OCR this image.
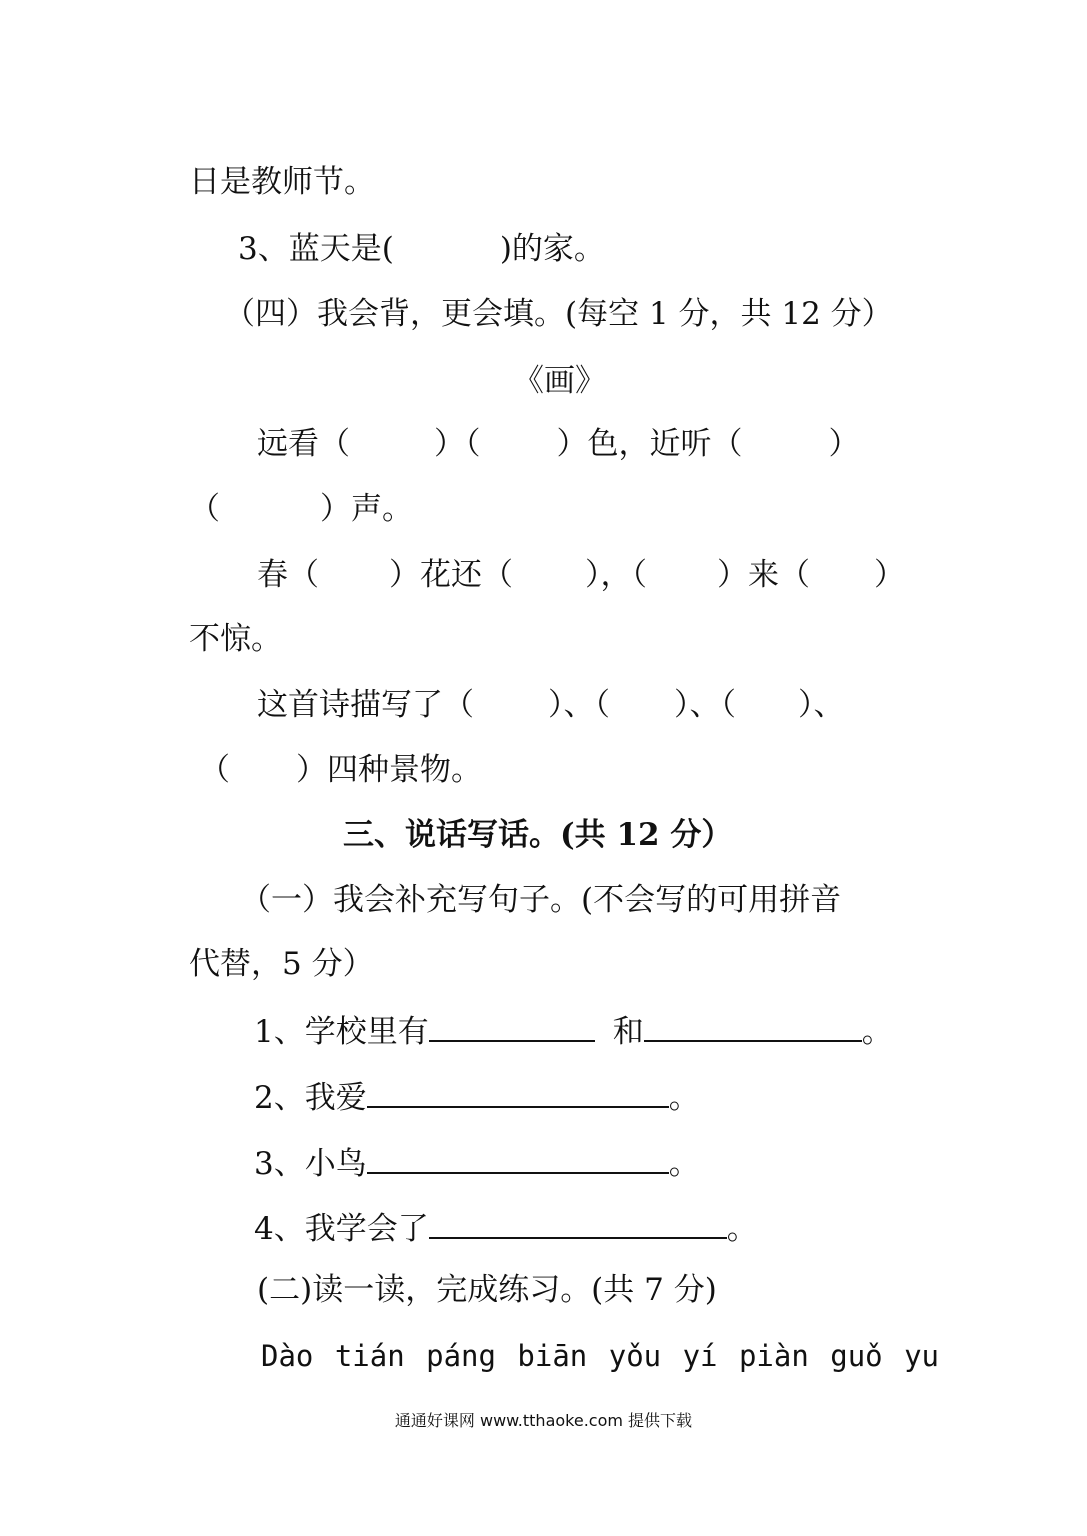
日是教师节。
3、蓝天是(	)的家。
（四）我会背，更会填。(每空 1 分，共 12 分）
《画》
远看（	）（ ）色，近听（	）
（	）声。
春（ ）花还（ ），（ ）来（ ）
不惊。
这首诗描写了（ ）、（ ）、（ ）、
（ ）四种景物。
三、说话写话。(共 12 分）
（一）我会补充写句子。(不会写的可用拼音
代替，5 分）
1、学校里有	和	。
2、我爱	。
3、小鸟	。
4、我学会了	。
(二)读一读，完成练习。(共 7 分)
Dào tián páng biān yǒu yí piàn guǒ yu
通通好课网 www.tthaoke.com 提供下载
